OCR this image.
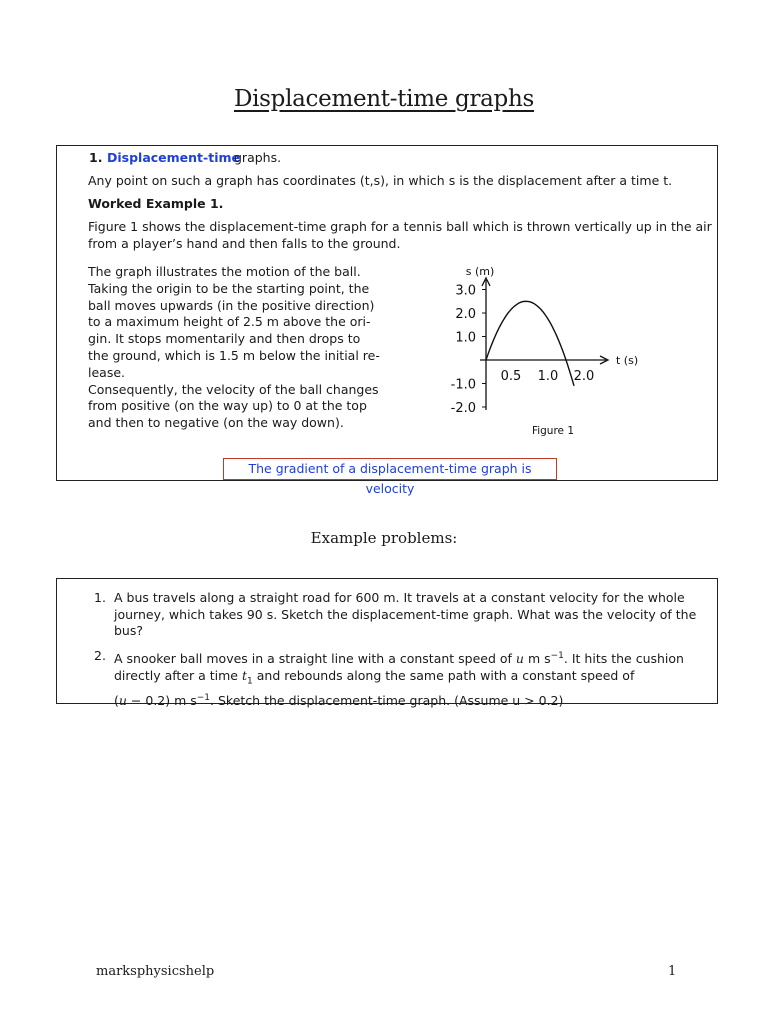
Displacement-time graphs
1. Displacement-time
graphs.
Any point on such a graph has coordinates (t,s), in which s is the displacement after a time t.
Worked Example 1.
Figure 1 shows the displacement-time graph for a tennis ball which is thrown vertically up in the air
from a player’s hand and then falls to the ground.
The graph illustrates the motion of the ball.
Taking the origin to be the starting point, the
ball moves upwards (in the positive direction)
to a maximum height of 2.5 m above the ori-
gin. It stops momentarily and then drops to
the ground, which is 1.5 m below the initial re-
lease.
Consequently, the velocity of the ball changes
from positive (on the way up) to 0 at the top
and then to negative (on the way down).
3.0
2.0
1.0
-1.0
-2.0
0.5 1.0 2.0
s (m)
t (s)
Figure 1
The gradient of a displacement-time graph is velocity
Example problems:
1. A bus travels along a straight road for 600 m. It travels at a constant velocity for the whole
journey, which takes 90 s. Sketch the displacement-time graph. What was the velocity of the
bus?
2. A snooker ball moves in a straight line with a constant speed of u m $s^{-1}$. It hits the cushion
directly after a time $t_1$ and rebounds along the same path with a constant speed of
(u − 0.2) m $s^{-1}$. Sketch the displacement-time graph. (Assume u > 0.2)
marksphysicshelp	1
